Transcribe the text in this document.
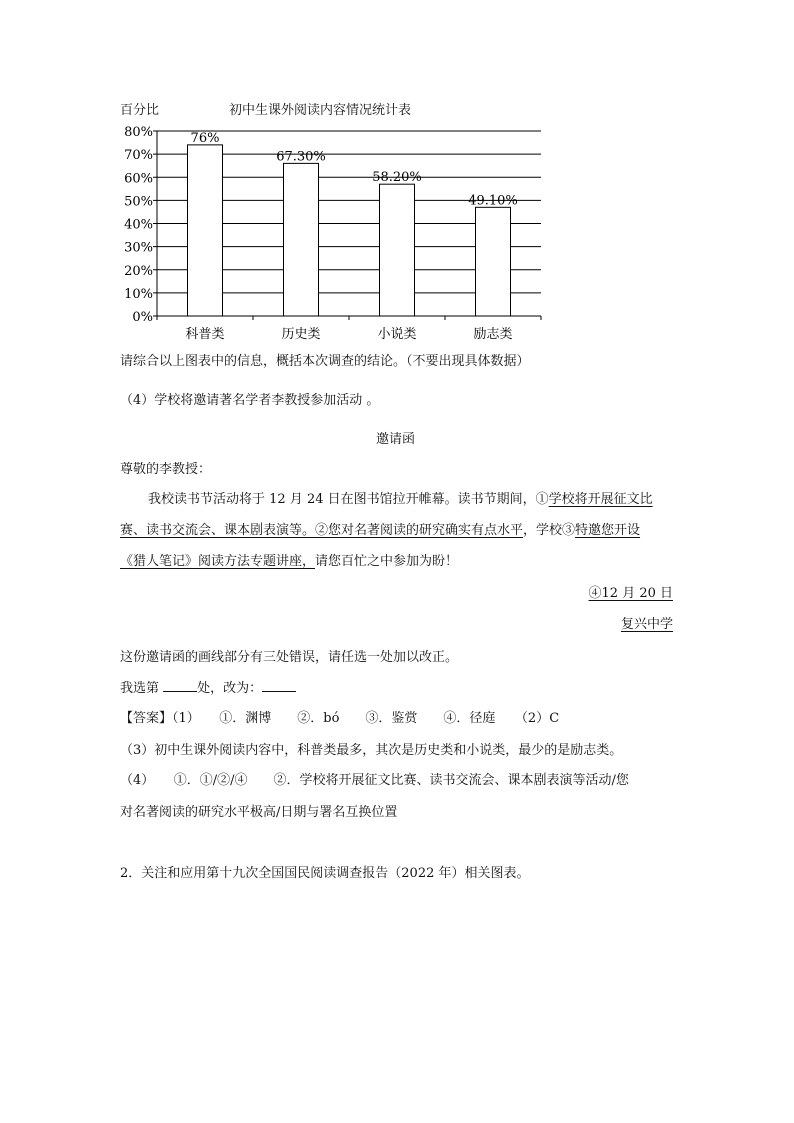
百分比	初中生课外阅读内容情况统计表
0%
10%
20%
30%
40%
50%
60%
70%
80%	76%
科普类
67.30%
历史类
58.20%
小说类
49.10%
励志类
请综合以上图表中的信息，概括本次调查的结论。（不要出现具体数据）
（4）学校将邀请著名学者李教授参加活动 。
邀请函
尊敬的李教授：
我校读书节活动将于 12 月 24 日在图书馆拉开帷幕。读书节期间，①学校将开展征文比
赛、读书交流会、课本剧表演等。②您对名著阅读的研究确实有点水平，学校③特邀您开设
《猎人笔记》阅读方法专题讲座，请您百忙之中参加为盼！
④12 月 20 日
复兴中学
这份邀请函的画线部分有三处错误，请任选一处加以改正。
我选第	处，改为：
【答案】（1）　　①．渊博　　②．bó　　③．鉴赏　　④．径庭　　（2）C
（3）初中生课外阅读内容中，科普类最多，其次是历史类和小说类，最少的是励志类。
（4）　　①．①/②/④　　②．学校将开展征文比赛、读书交流会、课本剧表演等活动/您
对名著阅读的研究水平极高/日期与署名互换位置
2．关注和应用第十九次全国国民阅读调查报告（2022 年）相关图表。
